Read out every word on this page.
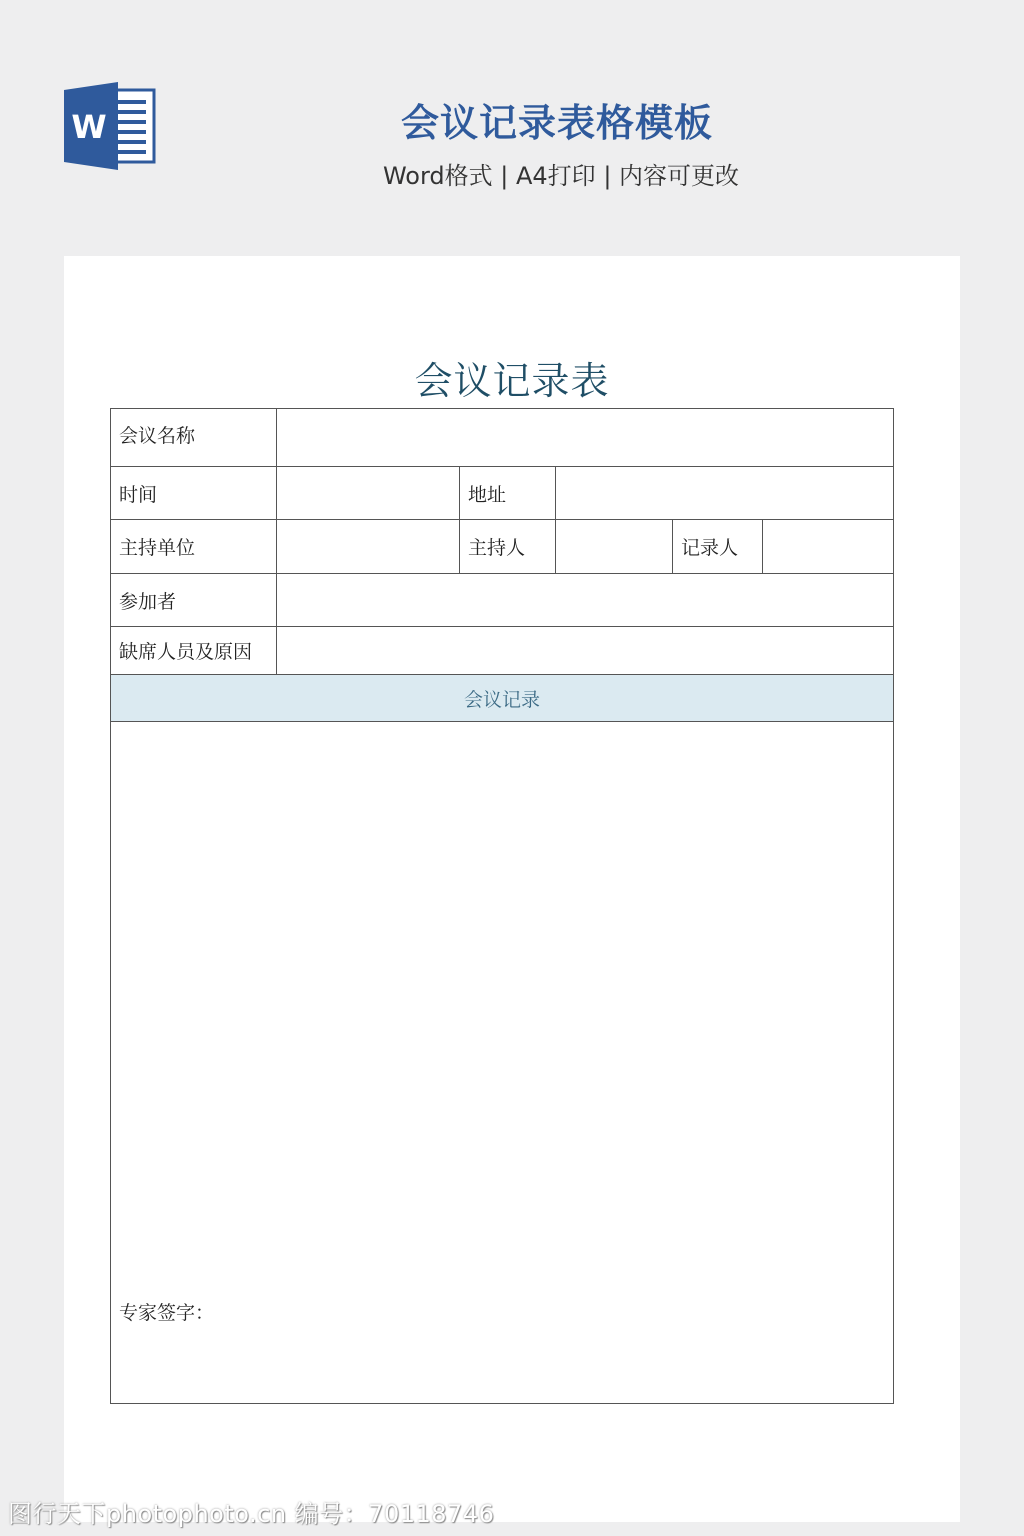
W	会议记录表格模板
Word格式 | A4打印 | 内容可更改
会议记录表
会议名称					
时间		地址			
主持单位		主持人		记录人	
参加者					
缺席人员及原因					
会议记录					

专家签字：					
图行天下photophoto.cn 编号：70118746
